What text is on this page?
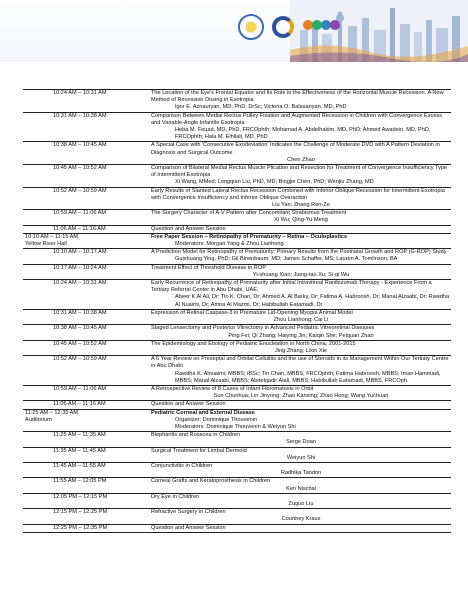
10:24 AM – 10:31 AM	The Location of the Eye's Frontal Equator and Its Role in the Effectiveness of the Horizontal Muscle Recession. A New Method of Recession Dosing in Esotropia
Igor E. Aznauryan, MD, PhD, DrSc; Victoria O. Balasanyan, MD, PhD

10:31 AM – 10:38 AM	Comparison Between Medial Rectus Pulley Fixation and Augmented Recession in Children with Convergence Excess and Variable-Angle Infantile Esotropia
Heba M. Fouad, MD, PhD, FRCOphth; Mohamad A. Abdelhakim, MD, PhD; Ahmed Awadein, MD, PhD, FRCOphth; Hala M. Elhilali, MD, PhD

10:38 AM – 10:45 AM	A Special Case with 'Consecutive Exodeviation' Indicates the Challenge of Moderate DVD with A Pattern Deviation in Diagnosis and Surgical Outcome
Chen Zhao

10:45 AM – 10:52 AM	Comparison of Bilateral Medial Rectus Muscle Plication and Resection for Treatment of Convergence Insufficiency Type of Intermittent Exotropia
Xi Wang, MMed; Longqian Liu, PhD, MD; Bingjie Chen, PhD; Wenjiu Zhang, MD

10:52 AM – 10:59 AM	Early Results of Slanted Lateral Rectus Recession Combined with Inferior Oblique Recession for Intermittent Exotropia with Convergence Insufficiency and Inferior Oblique Overaction
Liu Yan; Zhang Ren-Ze

10:59 AM – 11:06 AM	The Surgery Character of A-V Pattern after Concomitant Strabismus Treatment
Xi Wu; Qing-Yu Meng

11:06 AM – 11:16 AM	Question and Answer Session

10:10 AM – 11:15 AM
Yellow River Hall	Free Paper Session – Retinopathy of Prematurity – Retina – Oculoplastics
Moderators: Morgan Yang & Zhou Lianhong

10:10 AM – 10:17 AM	A Prediction Model for Retinopathy of Prematurity: Primary Results from the Postnatal Growth and ROP (G-ROP) Study
Guishuang Ying, PhD; Gil Binenbaum, MD; James Schaffer, MS; Lauren A. Tomlinson, BA

10:17 AM – 10:24 AM	Treatment Effect of Threshold Disease in ROP
Yi-shuang Xiao; Jiang-tao Xu; Si-qi Wu

10:24 AM – 10:31 AM	Early Recurrence of Retinopathy of Prematurity after Initial Intravitreal Ranibizumab Therapy - Experience From a Tertiary Referral Center in Abu Dhabi, UAE.
Abeer K Al Ali, Dr; Tin K. Chan, Dr; Ahmed A. Al Barky, Dr; Fatima A. Habroosh, Dr; Manal Alzaabi, Dr; Rawdha Al Nuaimi, Dr; Amna Al Mazmi, Dr; Habibullah Eatamadi, Dr

10:31 AM – 10:38 AM	Expression of Retinal Caspase-3 in Premature Lid-Opening Myopia Animal Model
Zhou Lianhong; Cai Li

10:38 AM – 10:45 AM	Staged Lensectomy and Posterior Vitrectomy in Advanced Pediatric Vitreoretinal Diseases
Ping Fei; Qi Zhang; Haiying Jin; Kaiqin She; Peiquan Zhao

10:45 AM – 10:52 AM	The Epidemiology and Etiology of Pediatric Enucleation in North China, 2001-2015
Jing Zhang; Lixin Xie

10:52 AM – 10:59 AM	A 6 Year Review on Preseptal and Orbital Cellulitis and the use of Steroids in its Management Within Our Tertiary Centre in Abu Dhabi
Rawdha K. Alnuaimi, MBBS; iBSc; Tin Chan, MBBS, FRCOphth; Fatima Habroosh, MBBS; Iman Hammadi, MBBS; Manal Alzaabi, MBBS; Abdelqadir Alali, MBBS; Habibullah Eatamadi, MBBS, FRCOph

10:59 AM – 11:06 AM	A Retrospective Review of 8 Cases of Infant Fibromatosis in Orbit
Sun Chunhua; Lin Jinyong; Zhao Kanxing; Zhao Hong; Wang Yuchuan

11:06 AM – 11:16 AM	Question and Answer Session

11:25 AM – 12:35 AM
Auditorium	Pediatric Corneal and External Disease
Organizer: Dominique Thouvenin
Moderators: Dominique Thouvenin & Weiyun Shi

11:25 AM – 11:35 AM	Blepharitis and Rosacea in Children
Serge Doan

11:35 AM – 11:45 AM	Surgical Treatment for Limbal Dermoid
Weiyun Shi

11:45 AM – 11:55 AM	Conjunctivitis in Children
Radhika Tandon

11:55 AM – 12:05 PM	Corneal Grafts and Keratoprosthesis in Children
Ken Nischal

12:05 PM – 12:15 PM	Dry Eye in Children
Zuguo Liu

12:15 PM – 12:25 PM	Refractive Surgery in Children
Courtney Kraus

12:25 PM – 12:35 PM	Question and Answer Session
